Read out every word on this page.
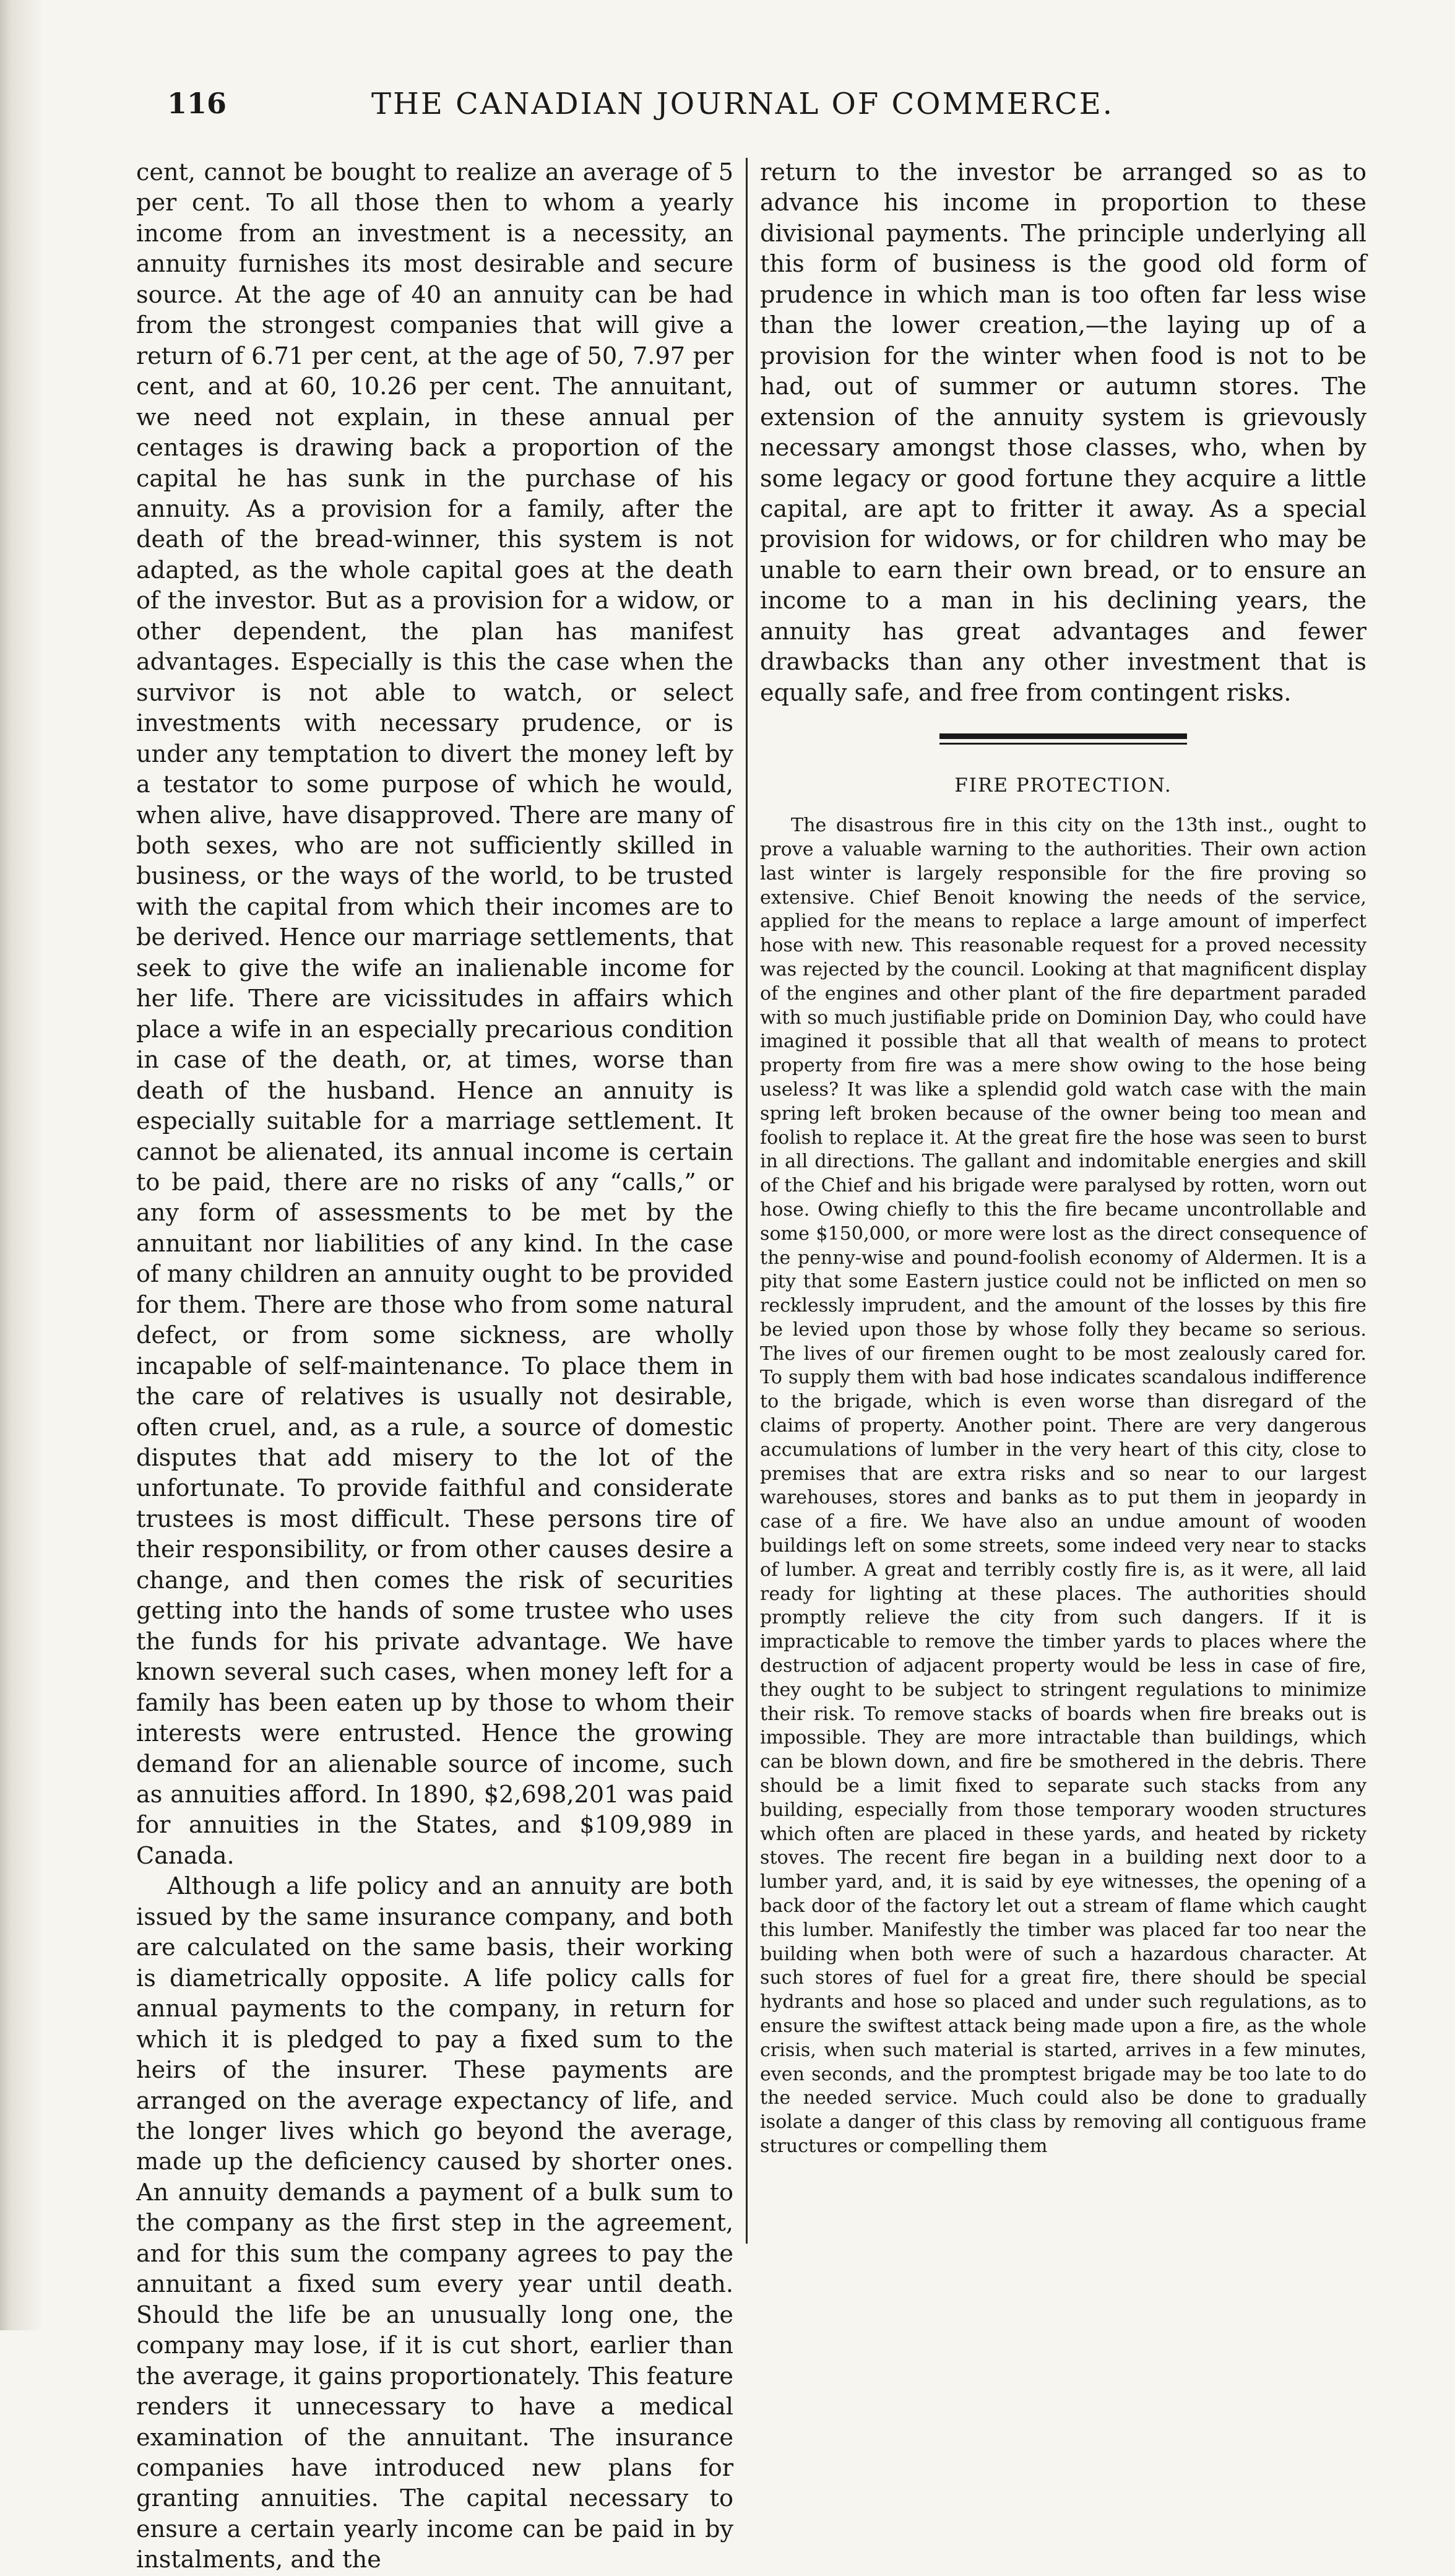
116	THE CANADIAN JOURNAL OF COMMERCE.

cent, cannot be bought to realize an average of 5 per cent. To all those then to whom a yearly income from an investment is a necessity, an annuity furnishes its most desirable and secure source. At the age of 40 an annuity can be had from the strongest companies that will give a return of 6.71 per cent, at the age of 50, 7.97 per cent, and at 60, 10.26 per cent. The annuitant, we need not explain, in these annual per centages is drawing back a proportion of the capital he has sunk in the purchase of his annuity. As a provision for a family, after the death of the bread-winner, this system is not adapted, as the whole capital goes at the death of the investor. But as a provision for a widow, or other dependent, the plan has manifest advantages. Especially is this the case when the survivor is not able to watch, or select investments with necessary prudence, or is under any temptation to divert the money left by a testator to some purpose of which he would, when alive, have disapproved. There are many of both sexes, who are not sufficiently skilled in business, or the ways of the world, to be trusted with the capital from which their incomes are to be derived. Hence our marriage settlements, that seek to give the wife an inalienable income for her life. There are vicissitudes in affairs which place a wife in an especially precarious condition in case of the death, or, at times, worse than death of the husband. Hence an annuity is especially suitable for a marriage settlement. It cannot be alienated, its annual income is certain to be paid, there are no risks of any “calls,” or any form of assessments to be met by the annuitant nor liabilities of any kind. In the case of many children an annuity ought to be provided for them. There are those who from some natural defect, or from some sickness, are wholly incapable of self-maintenance. To place them in the care of relatives is usually not desirable, often cruel, and, as a rule, a source of domestic disputes that add misery to the lot of the unfortunate. To provide faithful and considerate trustees is most difficult. These persons tire of their responsibility, or from other causes desire a change, and then comes the risk of securities getting into the hands of some trustee who uses the funds for his private advantage. We have known several such cases, when money left for a family has been eaten up by those to whom their interests were entrusted. Hence the growing demand for an alienable source of income, such as annuities afford. In 1890, $2,698,201 was paid for annuities in the States, and $109,989 in Canada.

Although a life policy and an annuity are both issued by the same insurance company, and both are calculated on the same basis, their working is diametrically opposite. A life policy calls for annual payments to the company, in return for which it is pledged to pay a fixed sum to the heirs of the insurer. These payments are arranged on the average expectancy of life, and the longer lives which go beyond the average, made up the deficiency caused by shorter ones. An annuity demands a payment of a bulk sum to the company as the first step in the agreement, and for this sum the company agrees to pay the annuitant a fixed sum every year until death. Should the life be an unusually long one, the company may lose, if it is cut short, earlier than the average, it gains proportionately. This feature renders it unnecessary to have a medical examination of the annuitant. The insurance companies have introduced new plans for granting annuities. The capital necessary to ensure a certain yearly income can be paid in by instalments, and the

return to the investor be arranged so as to advance his income in proportion to these divisional payments. The principle underlying all this form of business is the good old form of prudence in which man is too often far less wise than the lower creation,—the laying up of a provision for the winter when food is not to be had, out of summer or autumn stores. The extension of the annuity system is grievously necessary amongst those classes, who, when by some legacy or good fortune they acquire a little capital, are apt to fritter it away. As a special provision for widows, or for children who may be unable to earn their own bread, or to ensure an income to a man in his declining years, the annuity has great advantages and fewer drawbacks than any other investment that is equally safe, and free from contingent risks.

FIRE PROTECTION.

The disastrous fire in this city on the 13th inst., ought to prove a valuable warning to the authorities. Their own action last winter is largely responsible for the fire proving so extensive. Chief Benoit knowing the needs of the service, applied for the means to replace a large amount of imperfect hose with new. This reasonable request for a proved necessity was rejected by the council. Looking at that magnificent display of the engines and other plant of the fire department paraded with so much justifiable pride on Dominion Day, who could have imagined it possible that all that wealth of means to protect property from fire was a mere show owing to the hose being useless? It was like a splendid gold watch case with the main spring left broken because of the owner being too mean and foolish to replace it. At the great fire the hose was seen to burst in all directions. The gallant and indomitable energies and skill of the Chief and his brigade were paralysed by rotten, worn out hose. Owing chiefly to this the fire became uncontrollable and some $150,000, or more were lost as the direct consequence of the penny-wise and pound-foolish economy of Aldermen. It is a pity that some Eastern justice could not be inflicted on men so recklessly imprudent, and the amount of the losses by this fire be levied upon those by whose folly they became so serious. The lives of our firemen ought to be most zealously cared for. To supply them with bad hose indicates scandalous indifference to the brigade, which is even worse than disregard of the claims of property. Another point. There are very dangerous accumulations of lumber in the very heart of this city, close to premises that are extra risks and so near to our largest warehouses, stores and banks as to put them in jeopardy in case of a fire. We have also an undue amount of wooden buildings left on some streets, some indeed very near to stacks of lumber. A great and terribly costly fire is, as it were, all laid ready for lighting at these places. The authorities should promptly relieve the city from such dangers. If it is impracticable to remove the timber yards to places where the destruction of adjacent property would be less in case of fire, they ought to be subject to stringent regulations to minimize their risk. To remove stacks of boards when fire breaks out is impossible. They are more intractable than buildings, which can be blown down, and fire be smothered in the debris. There should be a limit fixed to separate such stacks from any building, especially from those temporary wooden structures which often are placed in these yards, and heated by rickety stoves. The recent fire began in a building next door to a lumber yard, and, it is said by eye witnesses, the opening of a back door of the factory let out a stream of flame which caught this lumber. Manifestly the timber was placed far too near the building when both were of such a hazardous character. At such stores of fuel for a great fire, there should be special hydrants and hose so placed and under such regulations, as to ensure the swiftest attack being made upon a fire, as the whole crisis, when such material is started, arrives in a few minutes, even seconds, and the promptest brigade may be too late to do the needed service. Much could also be done to gradually isolate a danger of this class by removing all contiguous frame structures or compelling them
